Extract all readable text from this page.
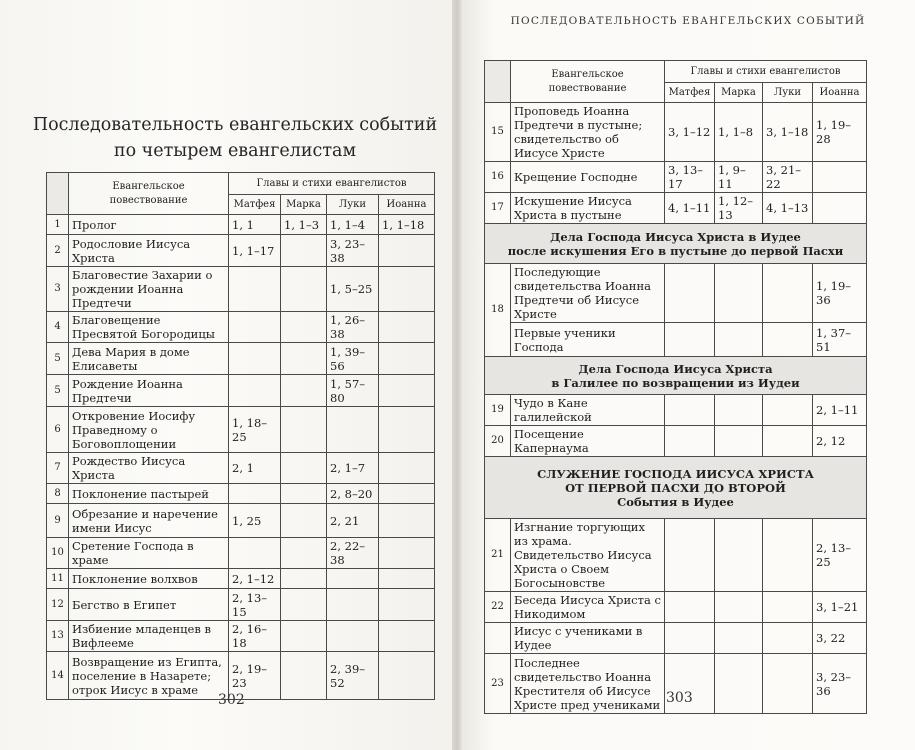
Последовательность евангельских событий
по четырем евангелистам
ПОСЛЕДОВАТЕЛЬНОСТЬ ЕВАНГЕЛЬСКИХ СОБЫТИЙ
	Евангельское повествование	Главы и стихи евангелистов			
		Матфея	Марка	Луки	Иоанна
1	Пролог	1, 1	1, 1–3	1, 1–4	1, 1–18
2	Родословие Иисуса Христа	1, 1–17		3, 23–38	
3	Благовестие Захарии о рождении Иоанна Предтечи			1, 5–25	
4	Благовещение Пресвятой Богородицы			1, 26–38	
5	Дева Мария в доме Елисаветы			1, 39–56	
5	Рождение Иоанна Предтечи			1, 57–80	
6	Откровение Иосифу Праведному о Боговоплощении	1, 18–25			
7	Рождество Иисуса Христа	2, 1		2, 1–7	
8	Поклонение пастырей			2, 8–20	
9	Обрезание и наречение имени Иисус	1, 25		2, 21	
10	Сретение Господа в храме			2, 22–38	
11	Поклонение волхвов	2, 1–12			
12	Бегство в Египет	2, 13–15			
13	Избиение младенцев в Вифлееме	2, 16–18			
14	Возвращение из Египта, поселение в Назарете; отрок Иисус в храме	2, 19–23		2, 39–52	
	Евангельское повествование	Главы и стихи евангелистов			
		Матфея	Марка	Луки	Иоанна
15	Проповедь Иоанна Предтечи в пустыне; свидетельство об Иисусе Христе	3, 1–12	1, 1–8	3, 1–18	1, 19–28
16	Крещение Господне	3, 13–17	1, 9–11	3, 21–22	
17	Искушение Иисуса Христа в пустыне	4, 1–11	1, 12–13	4, 1–13	

Дела Господа Иисуса Христа в Иудее
после искушения Его в пустыне до первой Пасхи					

18	Последующие свидетельства Иоанна Предтечи об Иисусе Христе				1, 19–36
	Первые ученики Господа				1, 37–51

Дела Господа Иисуса Христа
в Галилее по возвращении из Иудеи					

19	Чудо в Кане галилейской				2, 1–11
20	Посещение Капернаума				2, 12

СЛУЖЕНИЕ ГОСПОДА ИИСУСА ХРИСТА
ОТ ПЕРВОЙ ПАСХИ ДО ВТОРОЙ
События в Иудее					

21	Изгнание торгующих из храма. Свидетельство Иисуса Христа о Своем Богосыновстве				2, 13–25
22	Беседа Иисуса Христа с Никодимом				3, 1–21
	Иисус с учениками в Иудее				3, 22
23	Последнее свидетельство Иоанна Крестителя об Иисусе Христе пред учениками				3, 23–36
302	303
